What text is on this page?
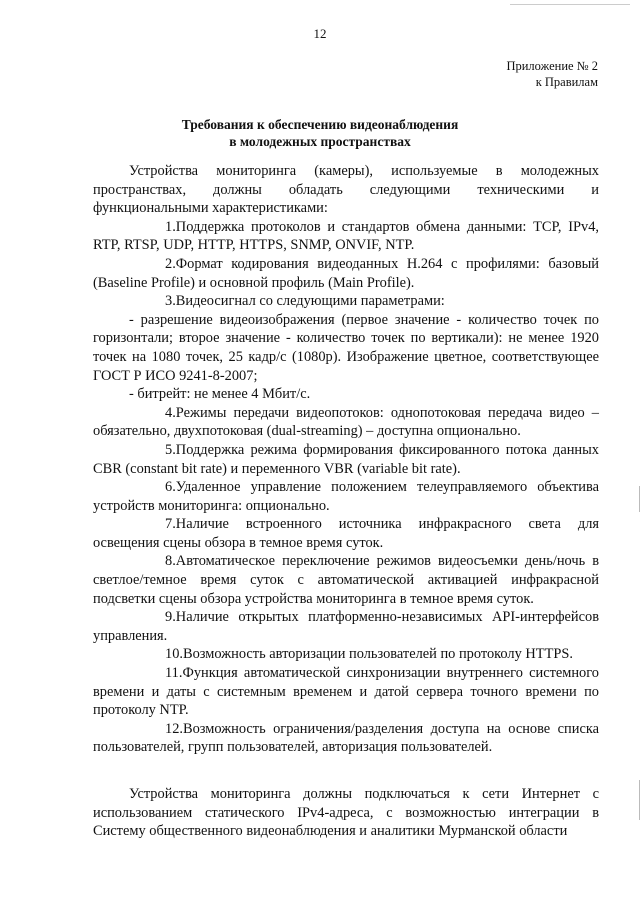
12
Приложение № 2
к Правилам
Требования к обеспечению видеонаблюдения
в молодежных пространствах

Устройства мониторинга (камеры), используемые в молодежных пространствах, должны обладать следующими техническими и функциональными характеристиками:

1.Поддержка протоколов и стандартов обмена данными: TCP, IPv4, RTP, RTSP, UDP, HTTP, HTTPS, SNMP, ONVIF, NTP.

2.Формат кодирования видеоданных H.264 с профилями: базовый (Baseline Profile) и основной профиль (Main Profile).

3.Видеосигнал со следующими параметрами:

- разрешение видеоизображения (первое значение - количество точек по горизонтали; второе значение - количество точек по вертикали): не менее 1920 точек на 1080 точек, 25 кадр/с (1080р). Изображение цветное, соответствующее ГОСТ Р ИСО 9241-8-2007;

- битрейт: не менее 4 Мбит/с.

4.Режимы передачи видеопотоков: однопотоковая передача видео – обязательно, двухпотоковая (dual-streaming) – доступна опционально.

5.Поддержка режима формирования фиксированного потока данных CBR (constant bit rate) и переменного VBR (variable bit rate).

6.Удаленное управление положением телеуправляемого объектива устройств мониторинга: опционально.

7.Наличие встроенного источника инфракрасного света для освещения сцены обзора в темное время суток.

8.Автоматическое переключение режимов видеосъемки день/ночь в светлое/темное время суток с автоматической активацией инфракрасной подсветки сцены обзора устройства мониторинга в темное время суток.

9.Наличие открытых платформенно-независимых API-интерфейсов управления.

10.Возможность авторизации пользователей по протоколу HTTPS.

11.Функция автоматической синхронизации внутреннего системного времени и даты с системным временем и датой сервера точного времени по протоколу NTP.

12.Возможность ограничения/разделения доступа на основе списка пользователей, групп пользователей, авторизация пользователей.

Устройства мониторинга должны подключаться к сети Интернет с использованием статического IPv4-адреса, с возможностью интеграции в Систему общественного видеонаблюдения и аналитики Мурманской области
